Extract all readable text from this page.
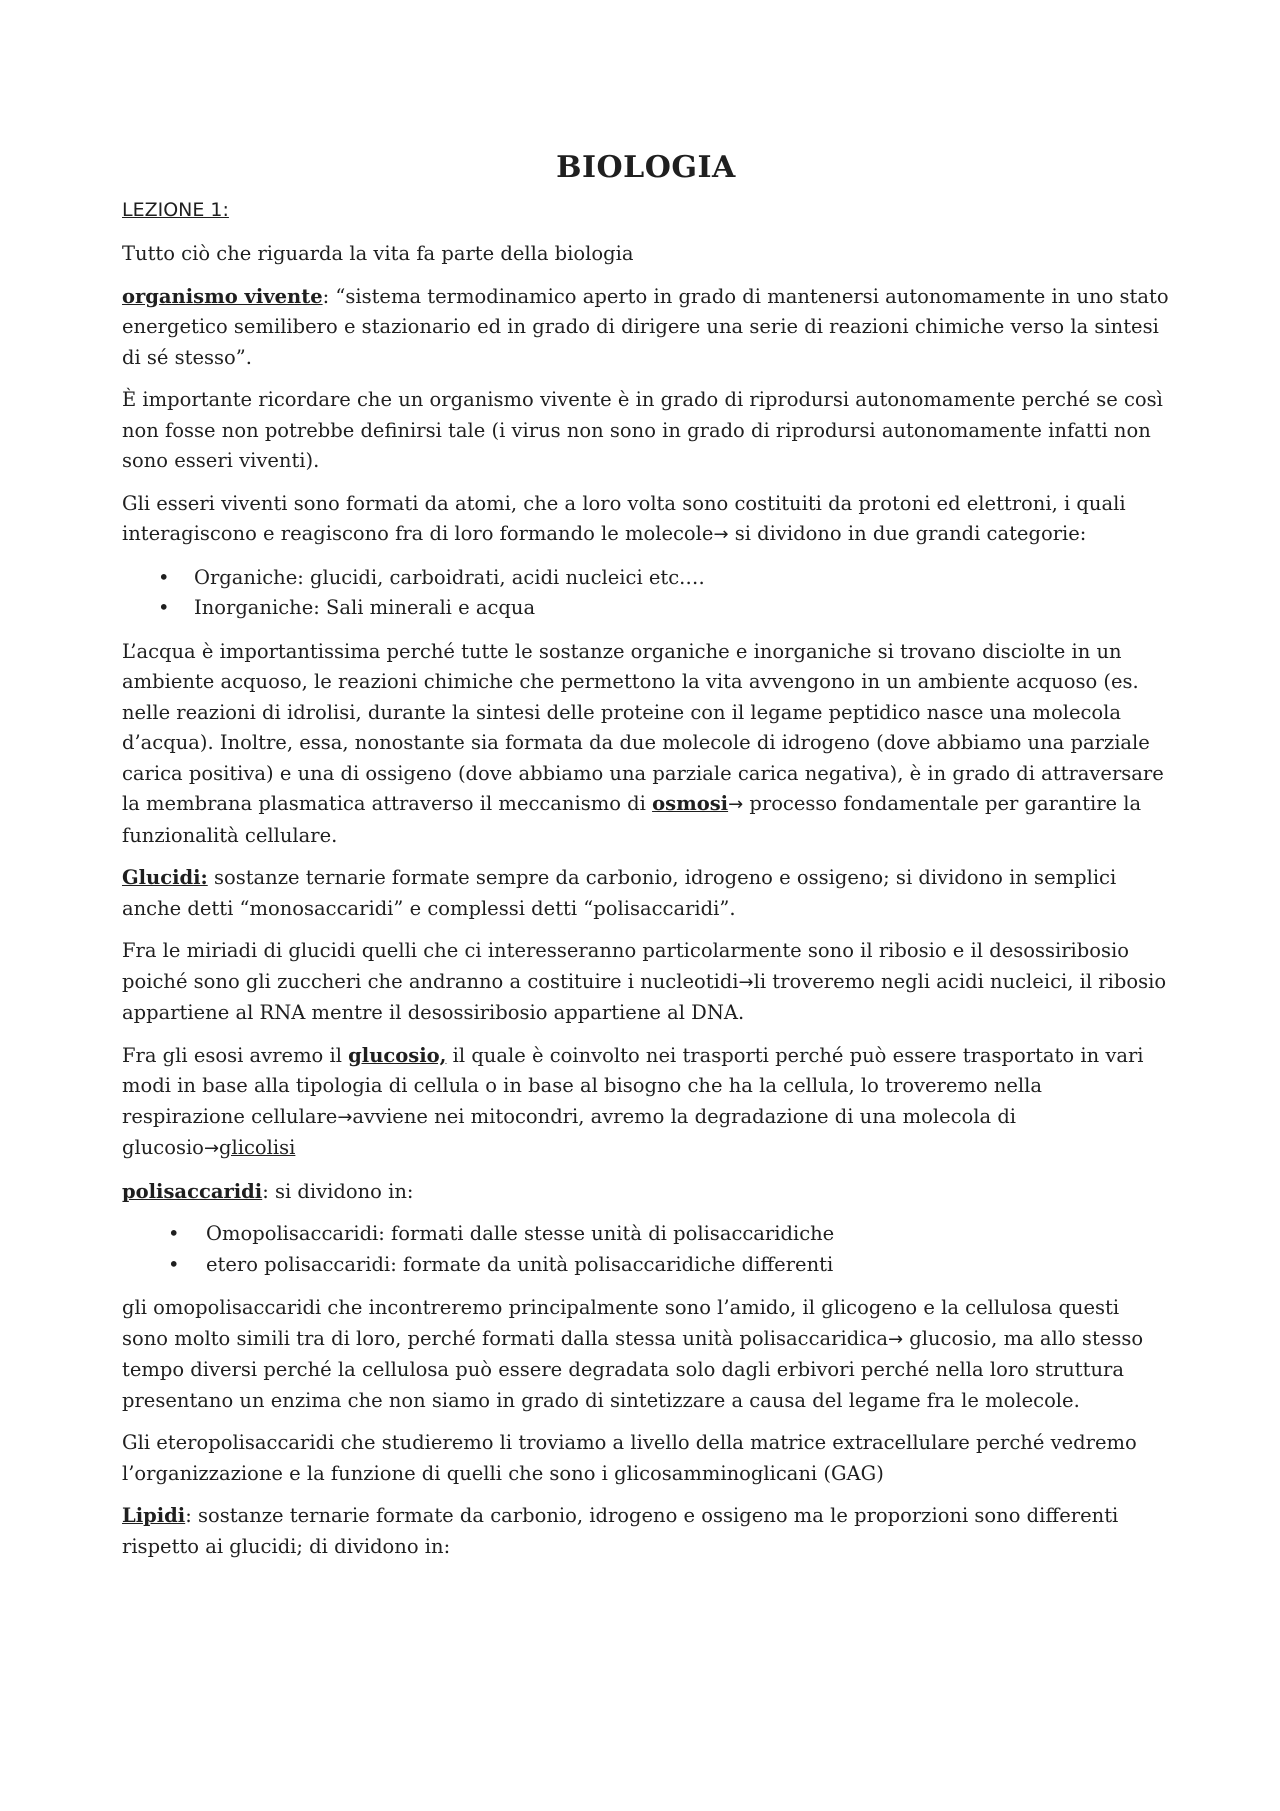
BIOLOGIA
LEZIONE 1:

Tutto ciò che riguarda la vita fa parte della biologia

organismo vivente: “sistema termodinamico aperto in grado di mantenersi autonomamente in uno stato energetico semilibero e stazionario ed in grado di dirigere una serie di reazioni chimiche verso la sintesi di sé stesso”.

È importante ricordare che un organismo vivente è in grado di riprodursi autonomamente perché se così non fosse non potrebbe definirsi tale (i virus non sono in grado di riprodursi autonomamente infatti non sono esseri viventi).

Gli esseri viventi sono formati da atomi, che a loro volta sono costituiti da protoni ed elettroni, i quali interagiscono e reagiscono fra di loro formando le molecole→ si dividono in due grandi categorie:

• Organiche: glucidi, carboidrati, acidi nucleici etc.…
• Inorganiche: Sali minerali e acqua

L’acqua è importantissima perché tutte le sostanze organiche e inorganiche si trovano disciolte in un ambiente acquoso, le reazioni chimiche che permettono la vita avvengono in un ambiente acquoso (es. nelle reazioni di idrolisi, durante la sintesi delle proteine con il legame peptidico nasce una molecola d’acqua). Inoltre, essa, nonostante sia formata da due molecole di idrogeno (dove abbiamo una parziale carica positiva) e una di ossigeno (dove abbiamo una parziale carica negativa), è in grado di attraversare la membrana plasmatica attraverso il meccanismo di osmosi→ processo fondamentale per garantire la funzionalità cellulare.

Glucidi: sostanze ternarie formate sempre da carbonio, idrogeno e ossigeno; si dividono in semplici anche detti “monosaccaridi” e complessi detti “polisaccaridi”.

Fra le miriadi di glucidi quelli che ci interesseranno particolarmente sono il ribosio e il desossiribosio poiché sono gli zuccheri che andranno a costituire i nucleotidi→li troveremo negli acidi nucleici, il ribosio appartiene al RNA mentre il desossiribosio appartiene al DNA.

Fra gli esosi avremo il glucosio, il quale è coinvolto nei trasporti perché può essere trasportato in vari modi in base alla tipologia di cellula o in base al bisogno che ha la cellula, lo troveremo nella respirazione cellulare→avviene nei mitocondri, avremo la degradazione di una molecola di glucosio→glicolisi

polisaccaridi: si dividono in:

• Omopolisaccaridi: formati dalle stesse unità di polisaccaridiche
• etero polisaccaridi: formate da unità polisaccaridiche differenti

gli omopolisaccaridi che incontreremo principalmente sono l’amido, il glicogeno e la cellulosa questi sono molto simili tra di loro, perché formati dalla stessa unità polisaccaridica→ glucosio, ma allo stesso tempo diversi perché la cellulosa può essere degradata solo dagli erbivori perché nella loro struttura presentano un enzima che non siamo in grado di sintetizzare a causa del legame fra le molecole.

Gli eteropolisaccaridi che studieremo li troviamo a livello della matrice extracellulare perché vedremo l’organizzazione e la funzione di quelli che sono i glicosamminoglicani (GAG)

Lipidi: sostanze ternarie formate da carbonio, idrogeno e ossigeno ma le proporzioni sono differenti rispetto ai glucidi; di dividono in:
